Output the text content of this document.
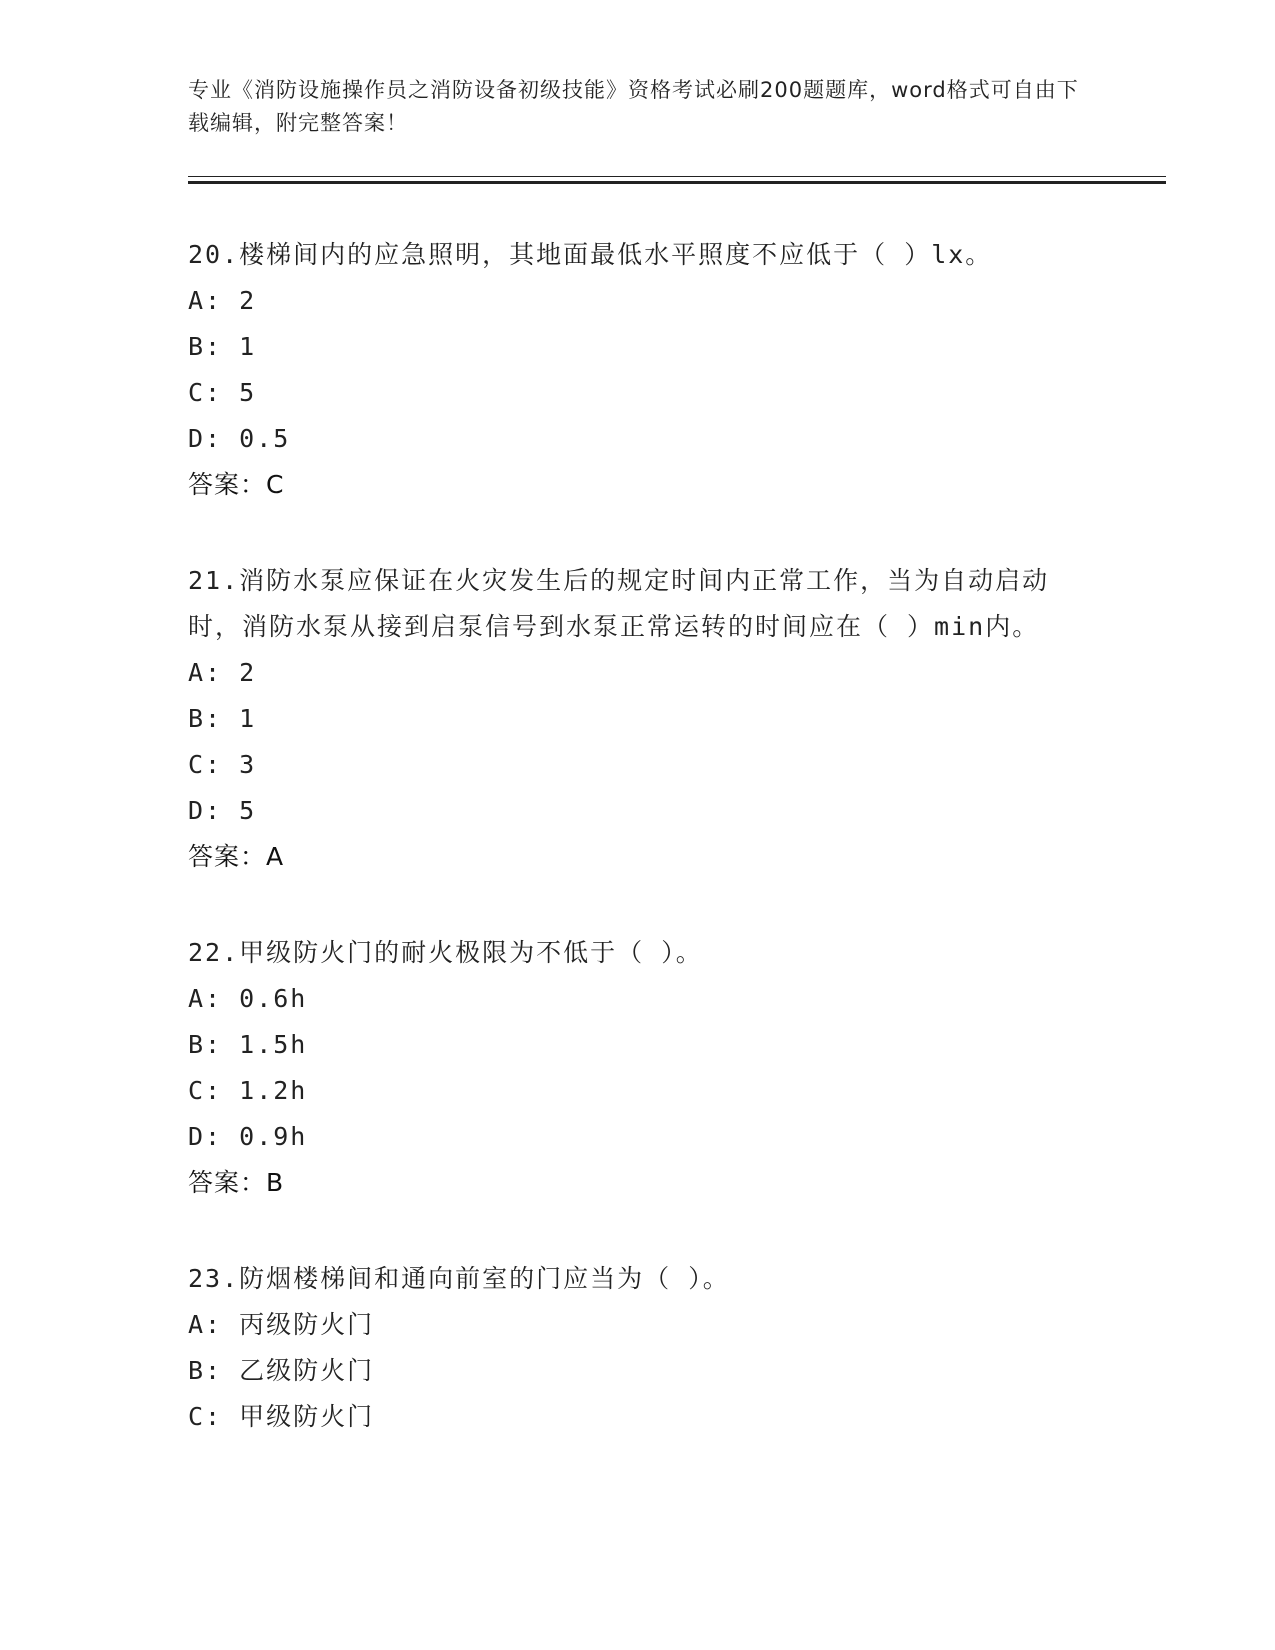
专业《消防设施操作员之消防设备初级技能》资格考试必刷200题题库，word格式可自由下载编辑，附完整答案！

20.楼梯间内的应急照明，其地面最低水平照度不应低于（ ）lx。

A: 2

B: 1

C: 5

D: 0.5

答案：C

21.消防水泵应保证在火灾发生后的规定时间内正常工作，当为自动启动时，消防水泵从接到启泵信号到水泵正常运转的时间应在（ ）min内。

A: 2

B: 1

C: 3

D: 5

答案：A

22.甲级防火门的耐火极限为不低于（ ）。

A: 0.6h

B: 1.5h

C: 1.2h

D: 0.9h

答案：B

23.防烟楼梯间和通向前室的门应当为（ ）。

A: 丙级防火门

B: 乙级防火门

C: 甲级防火门
